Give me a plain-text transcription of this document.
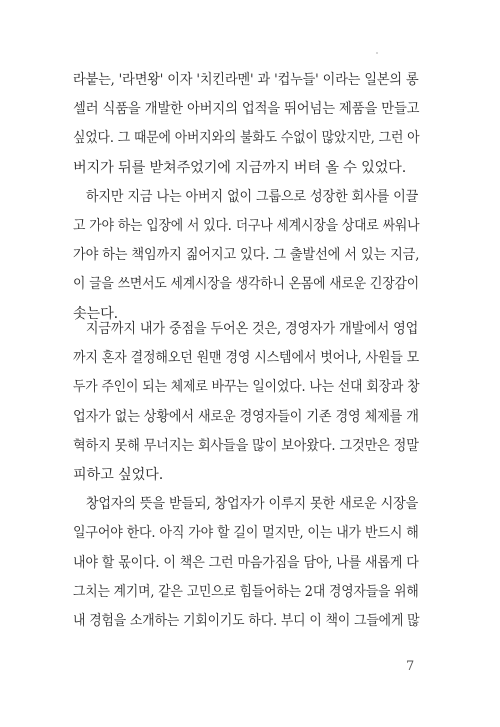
라붙는, '라면왕' 이자 '치킨라멘' 과 '컵누들' 이라는 일본의 롱
셀러 식품을 개발한 아버지의 업적을 뛰어넘는 제품을 만들고
싶었다. 그 때문에 아버지와의 불화도 수없이 많았지만, 그런 아
버지가 뒤를 받쳐주었기에 지금까지 버텨 올 수 있었다.

하지만 지금 나는 아버지 없이 그룹으로 성장한 회사를 이끌
고 가야 하는 입장에 서 있다. 더구나 세계시장을 상대로 싸워나
가야 하는 책임까지 짊어지고 있다. 그 출발선에 서 있는 지금,
이 글을 쓰면서도 세계시장을 생각하니 온몸에 새로운 긴장감이
솟는다.

지금까지 내가 중점을 두어온 것은, 경영자가 개발에서 영업
까지 혼자 결정해오던 원맨 경영 시스템에서 벗어나, 사원들 모
두가 주인이 되는 체제로 바꾸는 일이었다. 나는 선대 회장과 창
업자가 없는 상황에서 새로운 경영자들이 기존 경영 체제를 개
혁하지 못해 무너지는 회사들을 많이 보아왔다. 그것만은 정말
피하고 싶었다.

창업자의 뜻을 받들되, 창업자가 이루지 못한 새로운 시장을
일구어야 한다. 아직 가야 할 길이 멀지만, 이는 내가 반드시 해
내야 할 몫이다. 이 책은 그런 마음가짐을 담아, 나를 새롭게 다
그치는 계기며, 같은 고민으로 힘들어하는 2대 경영자들을 위해
내 경험을 소개하는 기회이기도 하다. 부디 이 책이 그들에게 많

7
